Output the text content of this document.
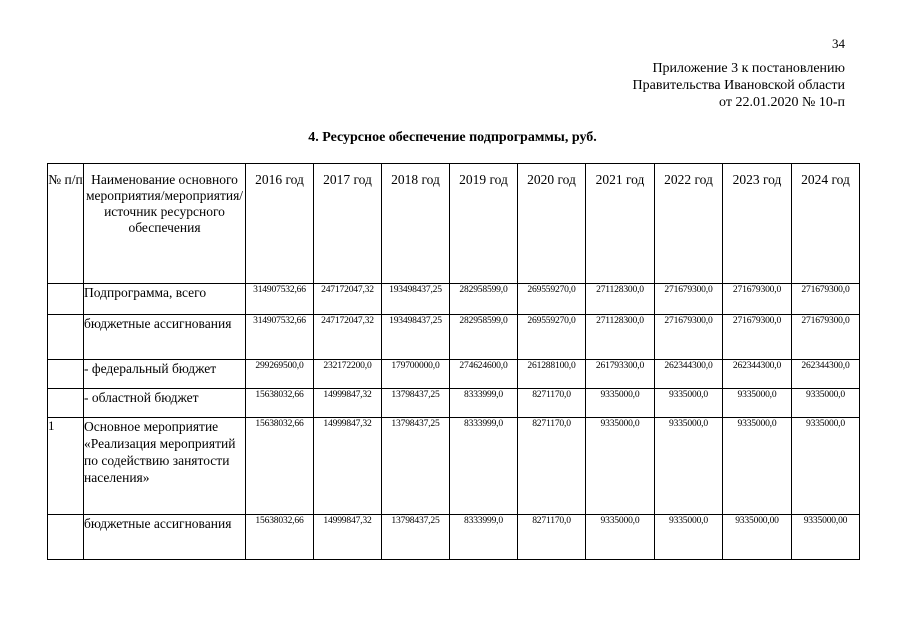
34
Приложение 3 к постановлению
Правительства Ивановской области
от 22.01.2020 № 10-п
4. Ресурсное обеспечение подпрограммы, руб.
№ п/п	Наименование основного мероприятия/мероприятия/источник ресурсного обеспечения	2016 год	2017 год	2018 год	2019 год	2020 год	2021 год	2022 год	2023 год	2024 год
	Подпрограмма, всего	314907532,66	247172047,32	193498437,25	282958599,0	269559270,0	271128300,0	271679300,0	271679300,0	271679300,0
	бюджетные ассигнования	314907532,66	247172047,32	193498437,25	282958599,0	269559270,0	271128300,0	271679300,0	271679300,0	271679300,0
	- федеральный бюджет	299269500,0	232172200,0	179700000,0	274624600,0	261288100,0	261793300,0	262344300,0	262344300,0	262344300,0
	- областной бюджет	15638032,66	14999847,32	13798437,25	8333999,0	8271170,0	9335000,0	9335000,0	9335000,0	9335000,0
1	Основное мероприятие «Реализация мероприятий по содействию занятости населения»	15638032,66	14999847,32	13798437,25	8333999,0	8271170,0	9335000,0	9335000,0	9335000,0	9335000,0
	бюджетные ассигнования	15638032,66	14999847,32	13798437,25	8333999,0	8271170,0	9335000,0	9335000,0	9335000,00	9335000,00
